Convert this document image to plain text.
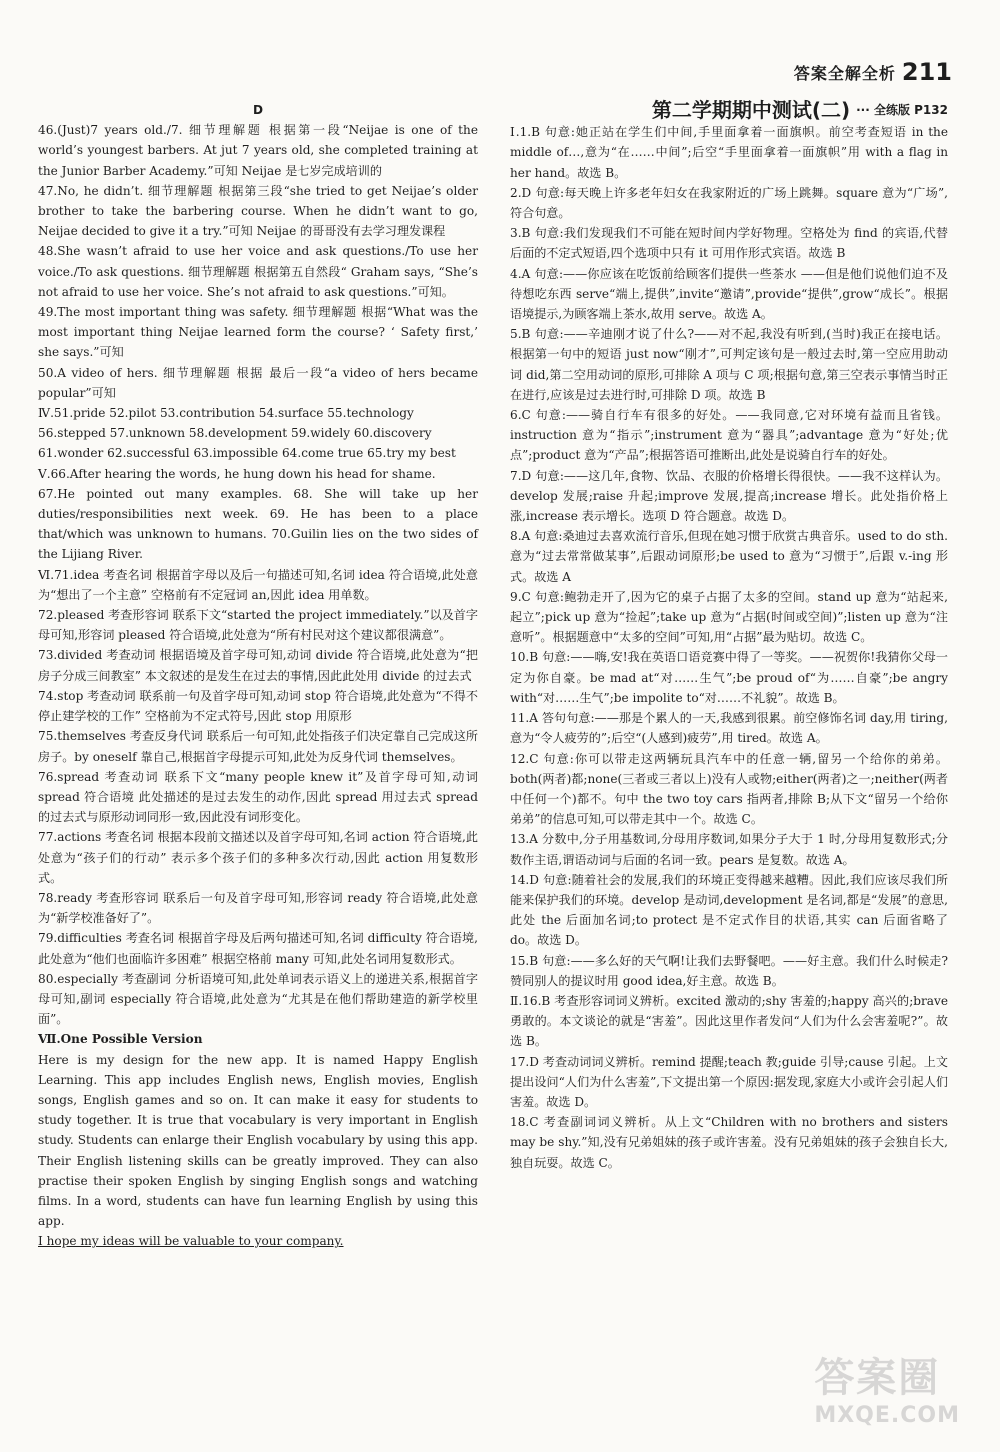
答案全解全析 211

D

46.(Just)7 years old./7. 细节理解题 根据第一段“Neijae is one of the world’s youngest barbers. At jut 7 years old, she completed training at the Junior Barber Academy.”可知 Neijae 是七岁完成培训的

47.No, he didn’t. 细节理解题 根据第三段“she tried to get Neijae’s older brother to take the barbering course. When he didn’t want to go, Neijae decided to give it a try.”可知 Neijae 的哥哥没有去学习理发课程

48.She wasn’t afraid to use her voice and ask questions./To use her voice./To ask questions. 细节理解题 根据第五自然段“ Graham says, “She’s not afraid to use her voice. She’s not afraid to ask questions.”可知。

49.The most important thing was safety. 细节理解题 根据“What was the most important thing Neijae learned form the course? ‘ Safety first,’ she says.”可知

50.A video of hers. 细节理解题 根据 最后一段“a video of hers became popular”可知

Ⅳ.51.pride 52.pilot 53.contribution 54.surface 55.technology

56.stepped 57.unknown 58.development 59.widely 60.discovery

61.wonder 62.successful 63.impossible 64.come true 65.try my best

Ⅴ.66.After hearing the words, he hung down his head for shame.

67.He pointed out many examples. 68. She will take up her duties/responsibilities next week. 69. He has been to a place that/which was unknown to humans. 70.Guilin lies on the two sides of the Lijiang River.

Ⅵ.71.idea 考查名词 根据首字母以及后一句描述可知,名词 idea 符合语境,此处意为“想出了一个主意” 空格前有不定冠词 an,因此 idea 用单数。

72.pleased 考查形容词 联系下文“started the project immediately.”以及首字母可知,形容词 pleased 符合语境,此处意为“所有村民对这个建议都很满意”。

73.divided 考查动词 根据语境及首字母可知,动词 divide 符合语境,此处意为“把房子分成三间教室” 本文叙述的是发生在过去的事情,因此此处用 divide 的过去式

74.stop 考查动词 联系前一句及首字母可知,动词 stop 符合语境,此处意为“不得不停止建学校的工作” 空格前为不定式符号,因此 stop 用原形

75.themselves 考查反身代词 联系后一句可知,此处指孩子们决定靠自己完成这所房子。by oneself 靠自己,根据首字母提示可知,此处为反身代词 themselves。

76.spread 考查动词 联系下文“many people knew it”及首字母可知,动词 spread 符合语境 此处描述的是过去发生的动作,因此 spread 用过去式 spread 的过去式与原形动词同形一致,因此没有词形变化。

77.actions 考查名词 根据本段前文描述以及首字母可知,名词 action 符合语境,此处意为“孩子们的行动” 表示多个孩子们的多种多次行动,因此 action 用复数形式。

78.ready 考查形容词 联系后一句及首字母可知,形容词 ready 符合语境,此处意为“新学校准备好了”。

79.difficulties 考查名词 根据首字母及后两句描述可知,名词 difficulty 符合语境,此处意为“他们也面临许多困难” 根据空格前 many 可知,此处名词用复数形式。

80.especially 考查副词 分析语境可知,此处单词表示语义上的递进关系,根据首字母可知,副词 especially 符合语境,此处意为“尤其是在他们帮助建造的新学校里面”。

Ⅶ.One Possible Version

Here is my design for the new app. It is named Happy English Learning. This app includes English news, English movies, English songs, English games and so on. It can make it easy for students to study together. It is true that vocabulary is very important in English study. Students can enlarge their English vocabulary by using this app. Their English listening skills can be greatly improved. They can also practise their spoken English by singing English songs and watching films. In a word, students can have fun learning English by using this app.

I hope my ideas will be valuable to your company.

第二学期期中测试(二) ··· 全练版 P132

Ⅰ.1.B 句意:她正站在学生们中间,手里面拿着一面旗帜。前空考查短语 in the middle of…,意为“在……中间”;后空“手里面拿着一面旗帜”用 with a flag in her hand。故选 B。

2.D 句意:每天晚上许多老年妇女在我家附近的广场上跳舞。square 意为“广场”,符合句意。

3.B 句意:我们发现我们不可能在短时间内学好物理。空格处为 find 的宾语,代替后面的不定式短语,四个选项中只有 it 可用作形式宾语。故选 B

4.A 句意:——你应该在吃饭前给顾客们提供一些茶水 ——但是他们说他们迫不及待想吃东西 serve“端上,提供”,invite“邀请”,provide“提供”,grow“成长”。根据语境提示,为顾客端上茶水,故用 serve。故选 A。

5.B 句意:——辛迪刚才说了什么?——对不起,我没有听到,(当时)我正在接电话。根据第一句中的短语 just now“刚才”,可判定该句是一般过去时,第一空应用助动词 did,第二空用动词的原形,可排除 A 项与 C 项;根据句意,第三空表示事情当时正在进行,应该是过去进行时,可排除 D 项。故选 B

6.C 句意:——骑自行车有很多的好处。——我同意,它对环境有益而且省钱。instruction 意为“指示”;instrument 意为“器具”;advantage 意为“好处;优点”;product 意为“产品”;根据答语可推断出,此处是说骑自行车的好处。

7.D 句意:——这几年,食物、饮品、衣服的价格增长得很快。——我不这样认为。develop 发展;raise 升起;improve 发展,提高;increase 增长。此处指价格上涨,increase 表示增长。选项 D 符合题意。故选 D。

8.A 句意:桑迪过去喜欢流行音乐,但现在她习惯于欣赏古典音乐。used to do sth.意为“过去常常做某事”,后跟动词原形;be used to 意为“习惯于”,后跟 v.-ing 形式。故选 A

9.C 句意:鲍勃走开了,因为它的桌子占据了太多的空间。stand up 意为“站起来,起立”;pick up 意为“捡起”;take up 意为“占据(时间或空间)”;listen up 意为“注意听”。根据题意中“太多的空间”可知,用“占据”最为贴切。故选 C。

10.B 句意:——嗨,安!我在英语口语竞赛中得了一等奖。——祝贺你!我猜你父母一定为你自豪。be mad at“对……生气”;be proud of“为……自豪”;be angry with“对……生气”;be impolite to“对……不礼貌”。故选 B。

11.A 答句句意:——那是个累人的一天,我感到很累。前空修饰名词 day,用 tiring,意为“令人疲劳的”;后空“(人感到)疲劳”,用 tired。故选 A。

12.C 句意:你可以带走这两辆玩具汽车中的任意一辆,留另一个给你的弟弟。both(两者)都;none(三者或三者以上)没有人或物;either(两者)之一;neither(两者中任何一个)都不。句中 the two toy cars 指两者,排除 B;从下文“留另一个给你弟弟”的信息可知,可以带走其中一个。故选 C。

13.A 分数中,分子用基数词,分母用序数词,如果分子大于 1 时,分母用复数形式;分数作主语,谓语动词与后面的名词一致。pears 是复数。故选 A。

14.D 句意:随着社会的发展,我们的环境正变得越来越糟。因此,我们应该尽我们所能来保护我们的环境。develop 是动词,development 是名词,都是“发展”的意思,此处 the 后面加名词;to protect 是不定式作目的状语,其实 can 后面省略了 do。故选 D。

15.B 句意:——多么好的天气啊!让我们去野餐吧。——好主意。我们什么时候走?赞同别人的提议时用 good idea,好主意。故选 B。

Ⅱ.16.B 考查形容词词义辨析。excited 激动的;shy 害羞的;happy 高兴的;brave 勇敢的。本文谈论的就是“害羞”。因此这里作者发问“人们为什么会害羞呢?”。故选 B。

17.D 考查动词词义辨析。remind 提醒;teach 教;guide 引导;cause 引起。上文提出设问“人们为什么害羞”,下文提出第一个原因:据发现,家庭大小或许会引起人们害羞。故选 D。

18.C 考查副词词义辨析。从上文“Children with no brothers and sisters may be shy.”知,没有兄弟姐妹的孩子或许害羞。没有兄弟姐妹的孩子会独自长大,独自玩耍。故选 C。

答案圈
MXQE.COM
